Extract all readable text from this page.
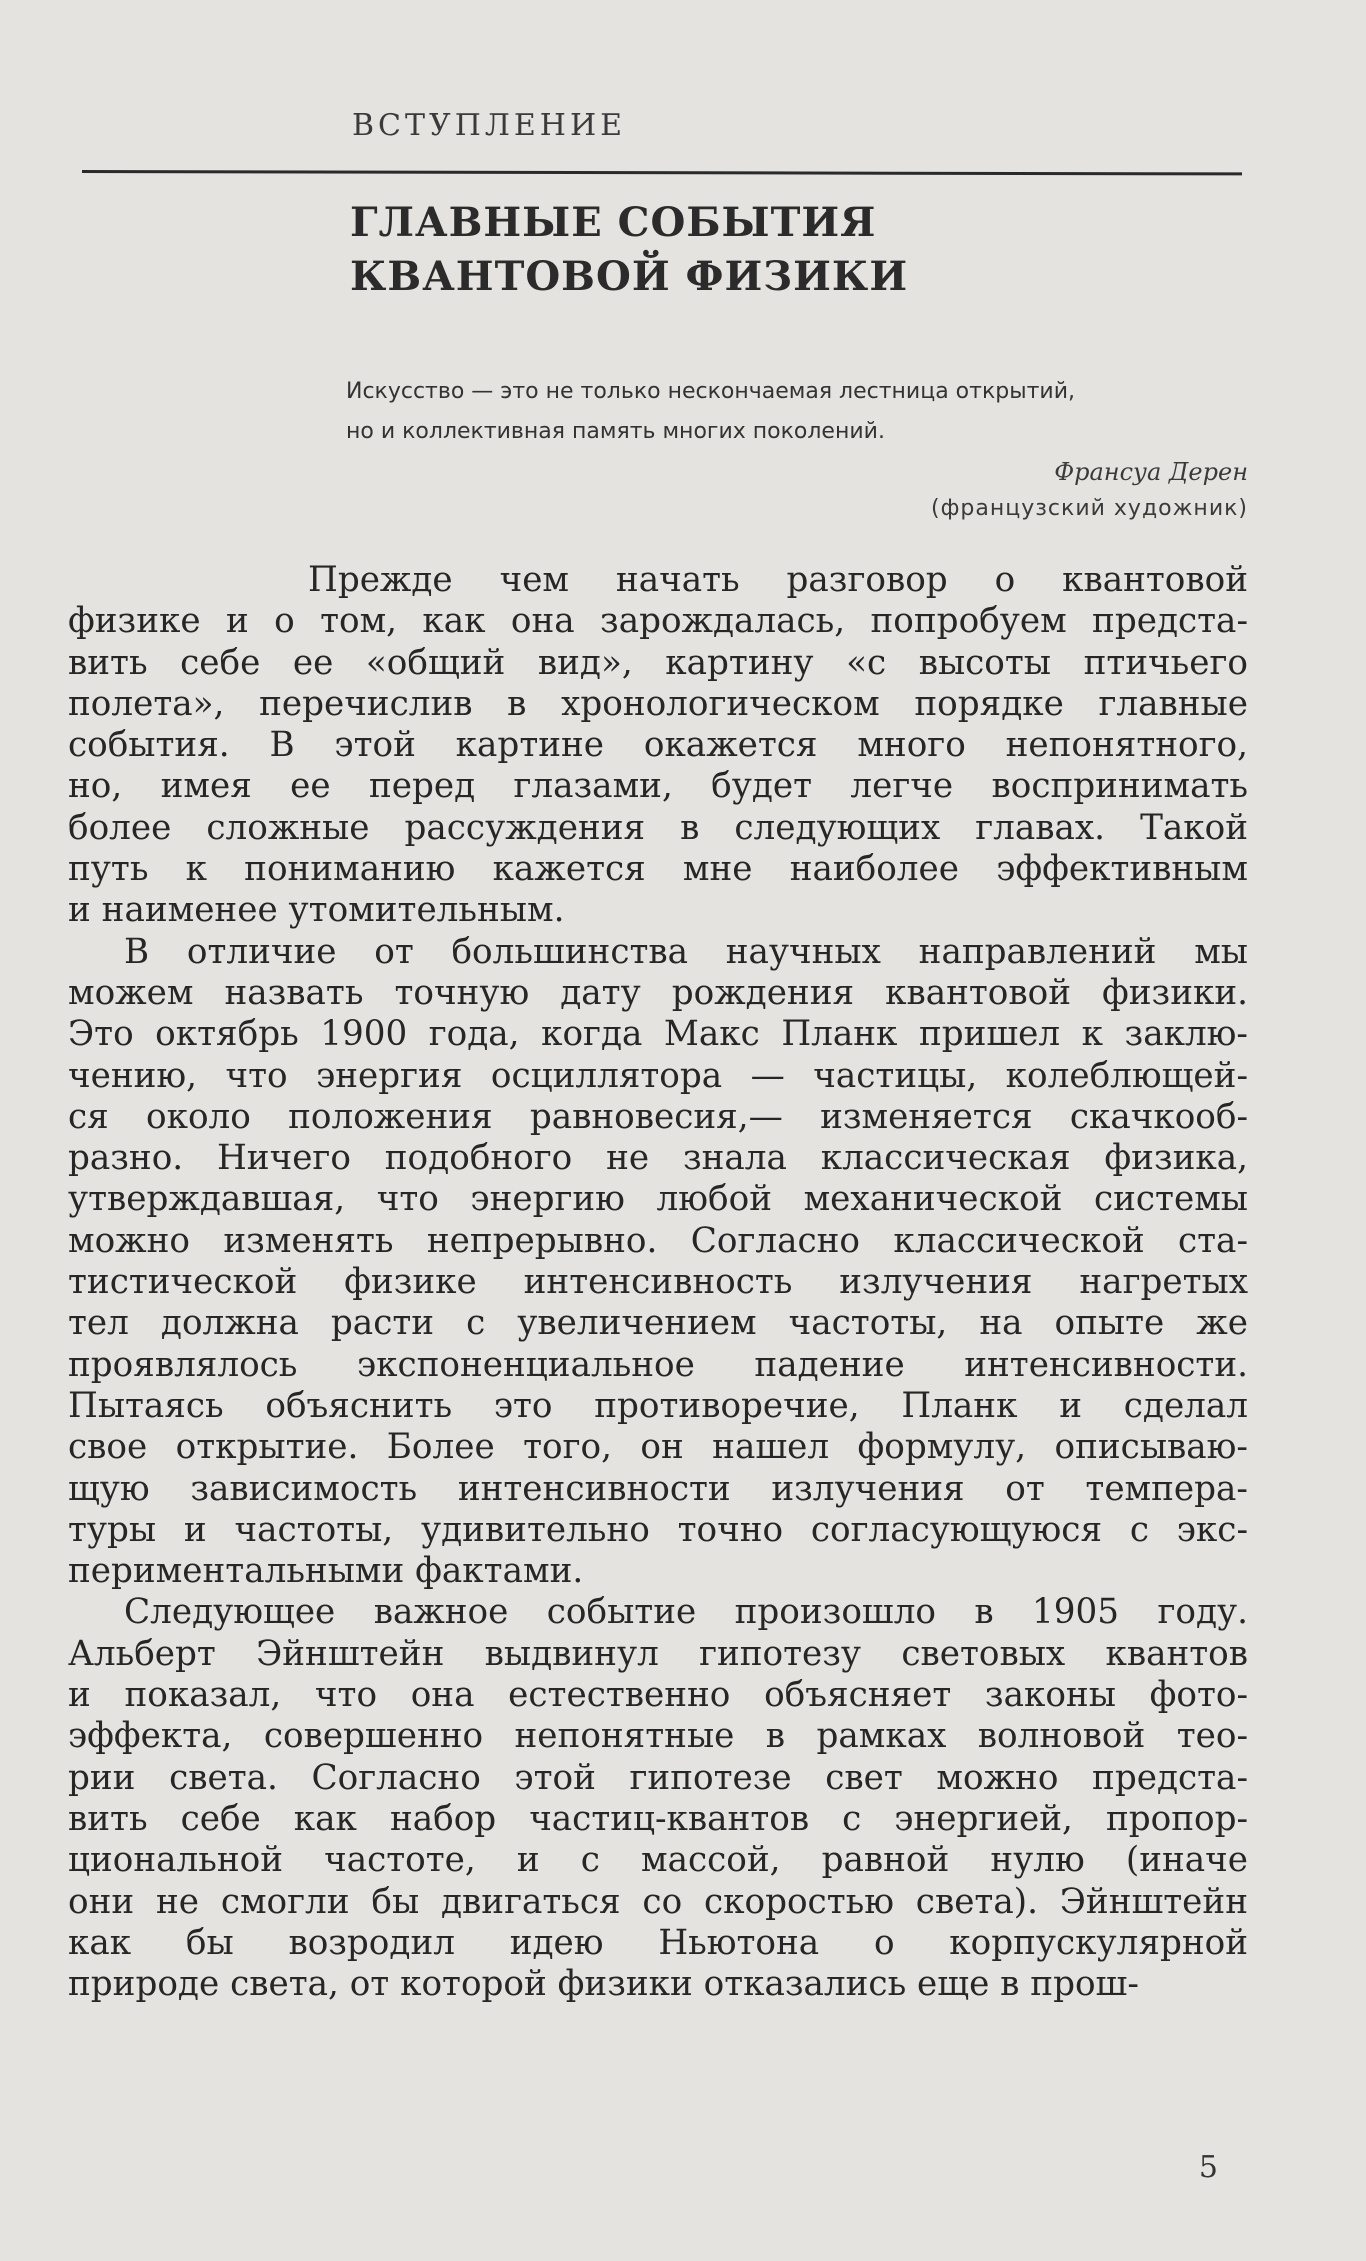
ВСТУПЛЕНИЕ
ГЛАВНЫЕ СОБЫТИЯ
КВАНТОВОЙ ФИЗИКИ
Искусство — это не только нескончаемая лестница открытий,
но и коллективная память многих поколений.
Франсуа Дерен
(французский художник)
Прежде чем начать разговор о квантовой
физике и о том, как она зарождалась, попробуем предста-
вить себе ее «общий вид», картину «с высоты птичьего
полета», перечислив в хронологическом порядке главные
события. В этой картине окажется много непонятного,
но, имея ее перед глазами, будет легче воспринимать
более сложные рассуждения в следующих главах. Такой
путь к пониманию кажется мне наиболее эффективным
и наименее утомительным.
В отличие от большинства научных направлений мы
можем назвать точную дату рождения квантовой физики.
Это октябрь 1900 года, когда Макс Планк пришел к заклю-
чению, что энергия осциллятора — частицы, колеблющей-
ся около положения равновесия,— изменяется скачкооб-
разно. Ничего подобного не знала классическая физика,
утверждавшая, что энергию любой механической системы
можно изменять непрерывно. Согласно классической ста-
тистической физике интенсивность излучения нагретых
тел должна расти с увеличением частоты, на опыте же
проявлялось экспоненциальное падение интенсивности.
Пытаясь объяснить это противоречие, Планк и сделал
свое открытие. Более того, он нашел формулу, описываю-
щую зависимость интенсивности излучения от темпера-
туры и частоты, удивительно точно согласующуюся с экс-
периментальными фактами.
Следующее важное событие произошло в 1905 году.
Альберт Эйнштейн выдвинул гипотезу световых квантов
и показал, что она естественно объясняет законы фото-
эффекта, совершенно непонятные в рамках волновой тео-
рии света. Согласно этой гипотезе свет можно предста-
вить себе как набор частиц-квантов с энергией, пропор-
циональной частоте, и с массой, равной нулю (иначе
они не смогли бы двигаться со скоростью света). Эйнштейн
как бы возродил идею Ньютона о корпускулярной
природе света, от которой физики отказались еще в прош-
5
